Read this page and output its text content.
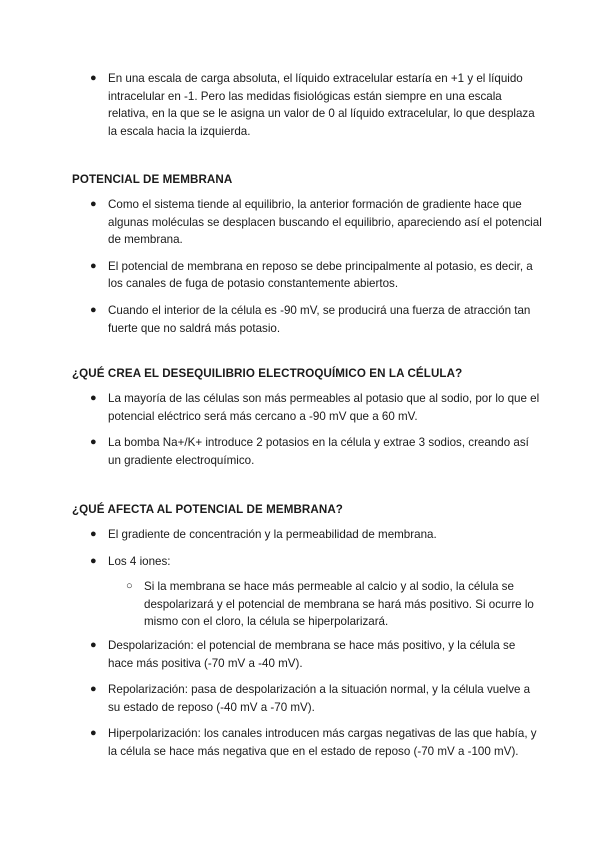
● En una escala de carga absoluta, el líquido extracelular estaría en +1 y el líquido intracelular en -1. Pero las medidas fisiológicas están siempre en una escala relativa, en la que se le asigna un valor de 0 al líquido extracelular, lo que desplaza la escala hacia la izquierda.
POTENCIAL DE MEMBRANA
● Como el sistema tiende al equilibrio, la anterior formación de gradiente hace que algunas moléculas se desplacen buscando el equilibrio, apareciendo así el potencial de membrana.
● El potencial de membrana en reposo se debe principalmente al potasio, es decir, a los canales de fuga de potasio constantemente abiertos.
● Cuando el interior de la célula es -90 mV, se producirá una fuerza de atracción tan fuerte que no saldrá más potasio.
¿QUÉ CREA EL DESEQUILIBRIO ELECTROQUÍMICO EN LA CÉLULA?
● La mayoría de las células son más permeables al potasio que al sodio, por lo que el potencial eléctrico será más cercano a -90 mV que a 60 mV.
● La bomba Na+/K+ introduce 2 potasios en la célula y extrae 3 sodios, creando así un gradiente electroquímico.
¿QUÉ AFECTA AL POTENCIAL DE MEMBRANA?
● El gradiente de concentración y la permeabilidad de membrana.
● Los 4 iones:
○ Si la membrana se hace más permeable al calcio y al sodio, la célula se despolarizará y el potencial de membrana se hará más positivo. Si ocurre lo mismo con el cloro, la célula se hiperpolarizará.
● Despolarización: el potencial de membrana se hace más positivo, y la célula se hace más positiva (-70 mV a -40 mV).
● Repolarización: pasa de despolarización a la situación normal, y la célula vuelve a su estado de reposo (-40 mV a -70 mV).
● Hiperpolarización: los canales introducen más cargas negativas de las que había, y la célula se hace más negativa que en el estado de reposo (-70 mV a -100 mV).
